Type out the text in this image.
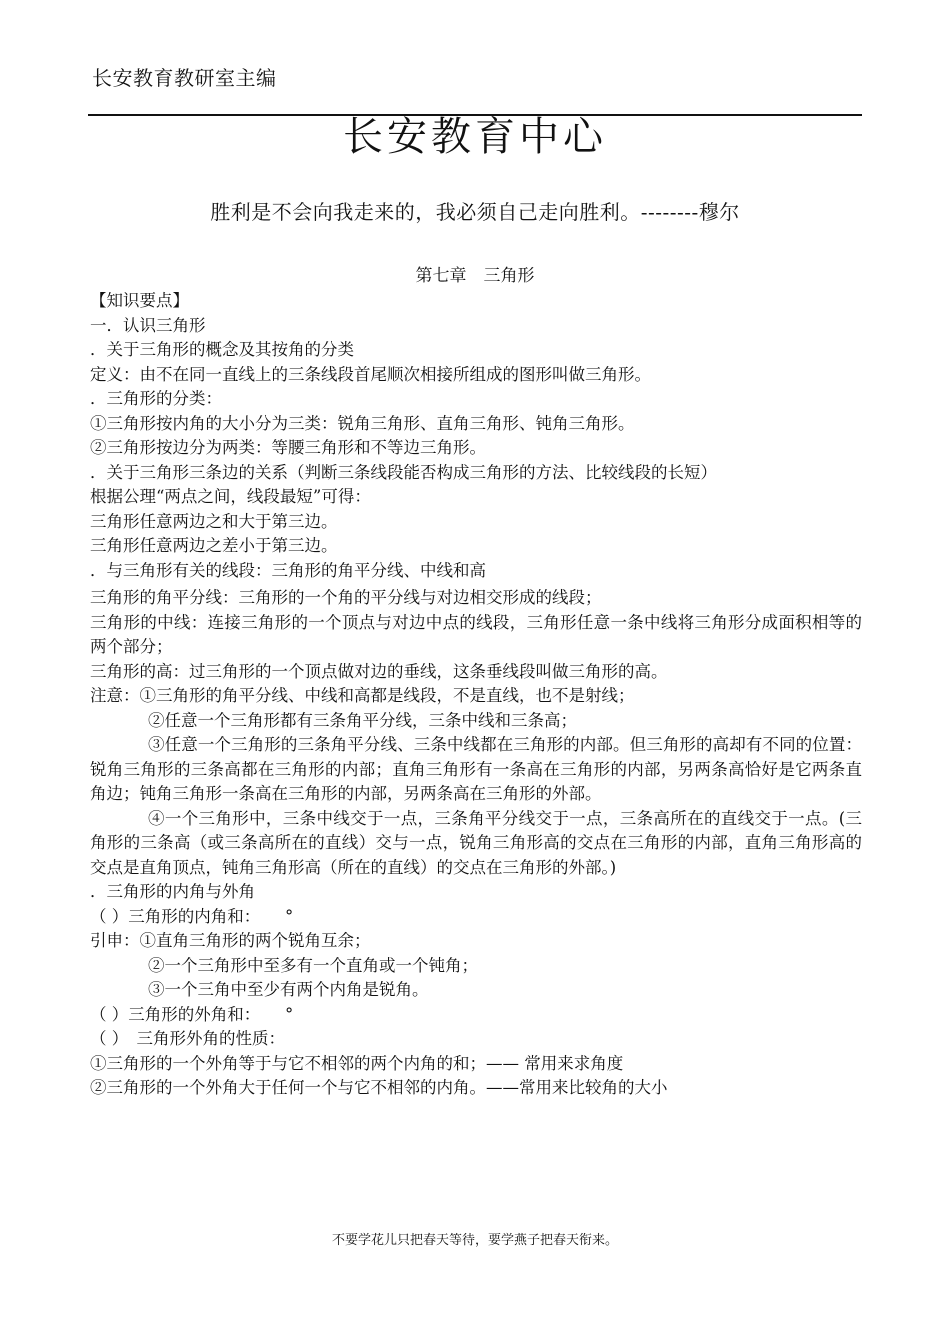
长安教育教研室主编
长安教育中心
胜利是不会向我走来的，我必须自己走向胜利。--------穆尔
第七章　三角形
【知识要点】
一．认识三角形
．关于三角形的概念及其按角的分类
定义：由不在同一直线上的三条线段首尾顺次相接所组成的图形叫做三角形。
．三角形的分类：
①三角形按内角的大小分为三类：锐角三角形、直角三角形、钝角三角形。
②三角形按边分为两类：等腰三角形和不等边三角形。
．关于三角形三条边的关系（判断三条线段能否构成三角形的方法、比较线段的长短）
根据公理“两点之间，线段最短”可得：
三角形任意两边之和大于第三边。
三角形任意两边之差小于第三边。
．与三角形有关的线段：三角形的角平分线、中线和高
三角形的角平分线：三角形的一个角的平分线与对边相交形成的线段；
三角形的中线：连接三角形的一个顶点与对边中点的线段，三角形任意一条中线将三角形分成面积相等的两个部分；
三角形的高：过三角形的一个顶点做对边的垂线，这条垂线段叫做三角形的高。
注意：①三角形的角平分线、中线和高都是线段，不是直线，也不是射线；
②任意一个三角形都有三条角平分线，三条中线和三条高；
③任意一个三角形的三条角平分线、三条中线都在三角形的内部。但三角形的高却有不同的位置：锐角三角形的三条高都在三角形的内部；直角三角形有一条高在三角形的内部，另两条高恰好是它两条直角边；钝角三角形一条高在三角形的内部，另两条高在三角形的外部。
④一个三角形中，三条中线交于一点，三条角平分线交于一点，三条高所在的直线交于一点。(三角形的三条高（或三条高所在的直线）交与一点，锐角三角形高的交点在三角形的内部，直角三角形高的交点是直角顶点，钝角三角形高（所在的直线）的交点在三角形的外部。)
．三角形的内角与外角
（ ）三角形的内角和：　　°
引申：①直角三角形的两个锐角互余；
②一个三角形中至多有一个直角或一个钝角；
③一个三角中至少有两个内角是锐角。
（ ）三角形的外角和：　　°
（ ）　三角形外角的性质：
①三角形的一个外角等于与它不相邻的两个内角的和；—— 常用来求角度
②三角形的一个外角大于任何一个与它不相邻的内角。——常用来比较角的大小
不要学花儿只把春天等待，要学燕子把春天衔来。
